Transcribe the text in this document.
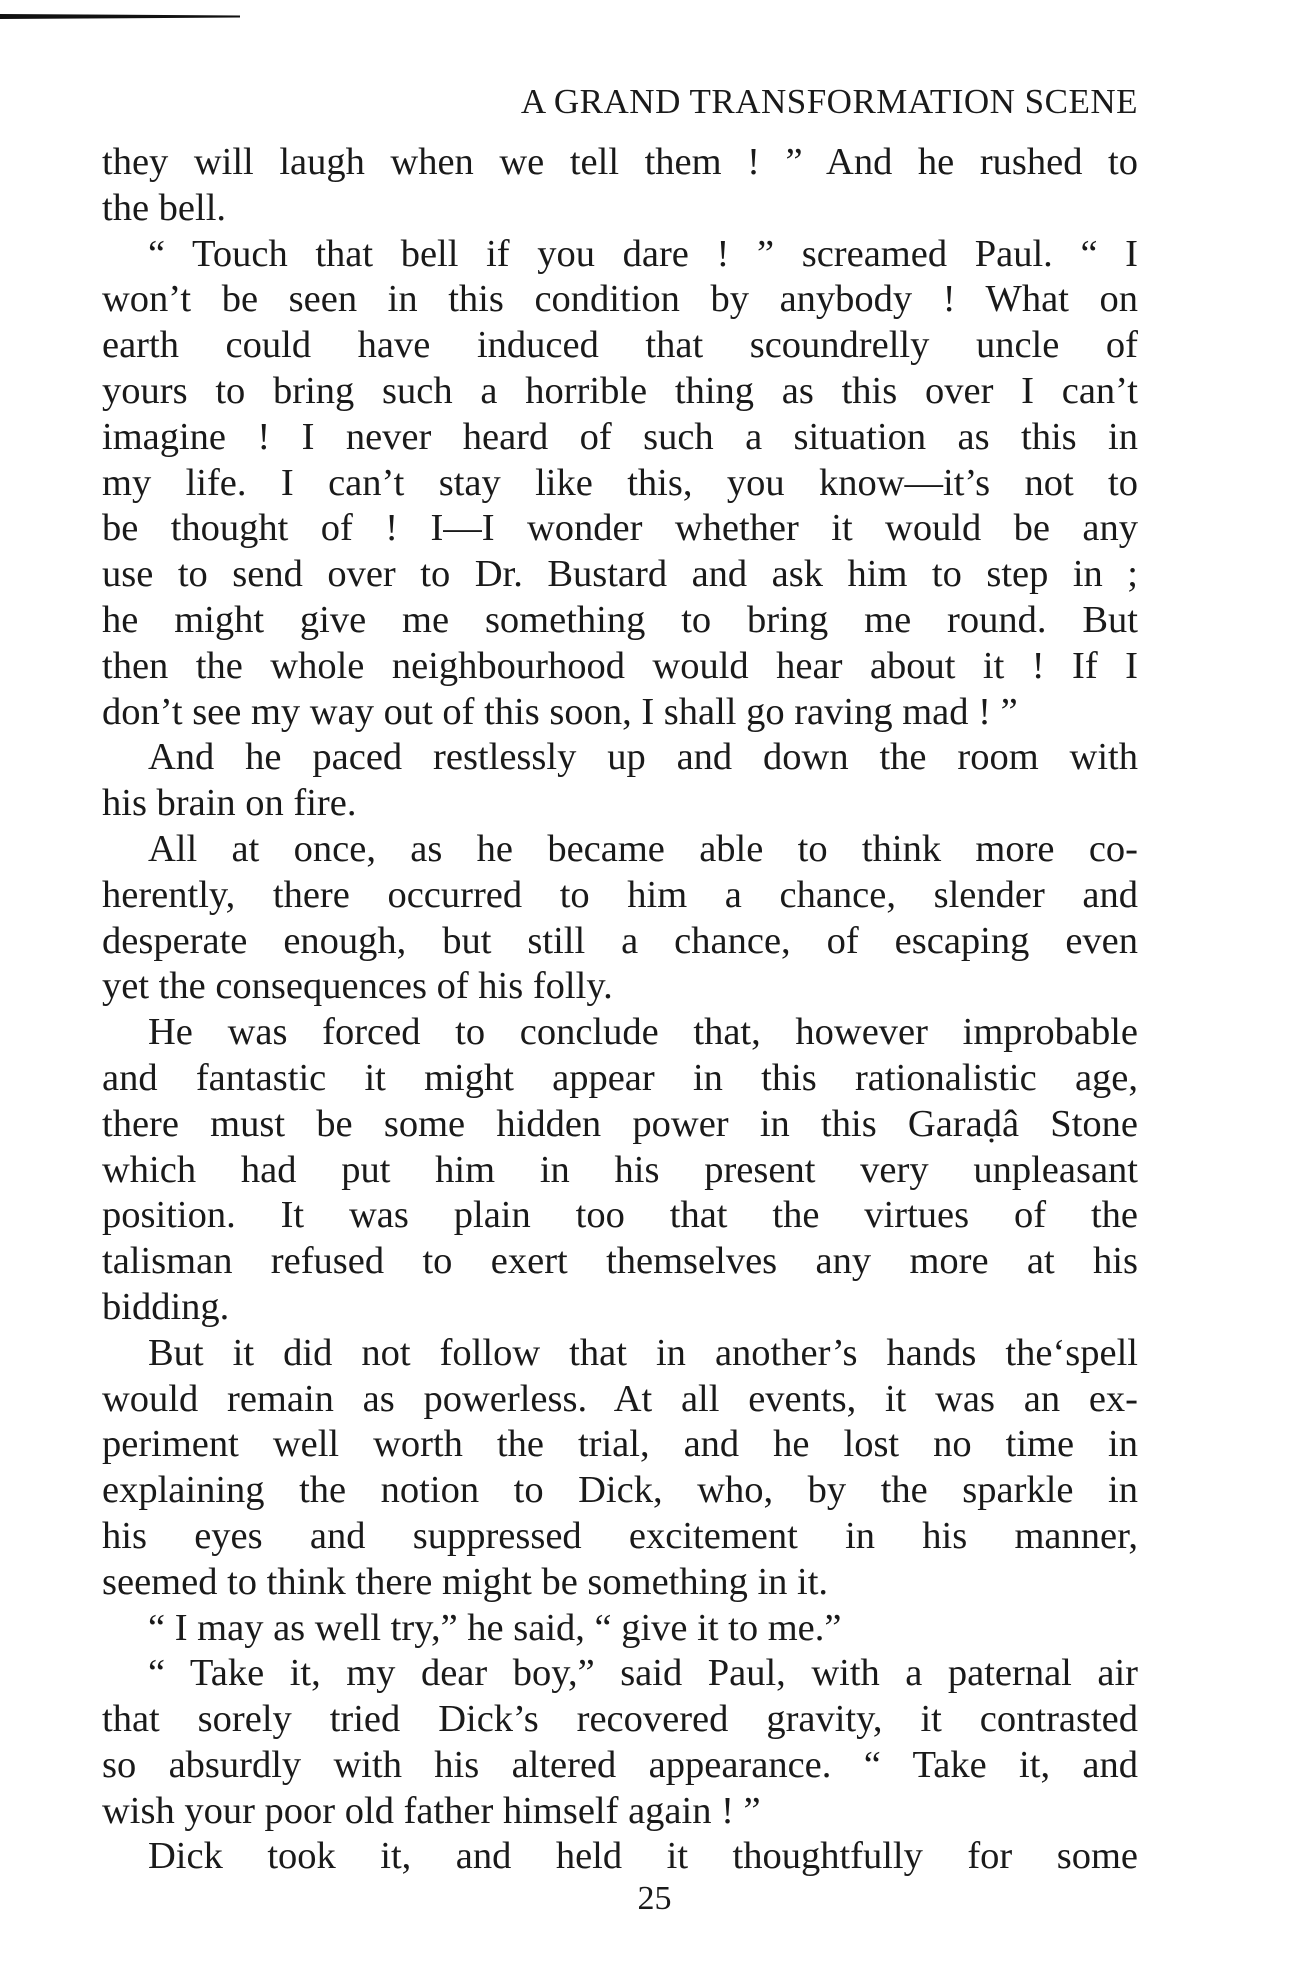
A GRAND TRANSFORMATION SCENE
they will laugh when we tell them ! ” And he rushed to
the bell.
“ Touch that bell if you dare ! ” screamed Paul. “ I
won’t be seen in this condition by anybody ! What on
earth could have induced that scoundrelly uncle of
yours to bring such a horrible thing as this over I can’t
imagine ! I never heard of such a situation as this in
my life. I can’t stay like this, you know—it’s not to
be thought of ! I—I wonder whether it would be any
use to send over to Dr. Bustard and ask him to step in ;
he might give me something to bring me round. But
then the whole neighbourhood would hear about it ! If I
don’t see my way out of this soon, I shall go raving mad ! ”
And he paced restlessly up and down the room with
his brain on fire.
All at once, as he became able to think more co-
herently, there occurred to him a chance, slender and
desperate enough, but still a chance, of escaping even
yet the consequences of his folly.
He was forced to conclude that, however improbable
and fantastic it might appear in this rationalistic age,
there must be some hidden power in this Garaḍâ Stone
which had put him in his present very unpleasant
position. It was plain too that the virtues of the
talisman refused to exert themselves any more at his
bidding.
But it did not follow that in another’s hands the‘spell
would remain as powerless. At all events, it was an ex-
periment well worth the trial, and he lost no time in
explaining the notion to Dick, who, by the sparkle in
his eyes and suppressed excitement in his manner,
seemed to think there might be something in it.
“ I may as well try,” he said, “ give it to me.”
“ Take it, my dear boy,” said Paul, with a paternal air
that sorely tried Dick’s recovered gravity, it contrasted
so absurdly with his altered appearance. “ Take it, and
wish your poor old father himself again ! ”
Dick took it, and held it thoughtfully for some
25
